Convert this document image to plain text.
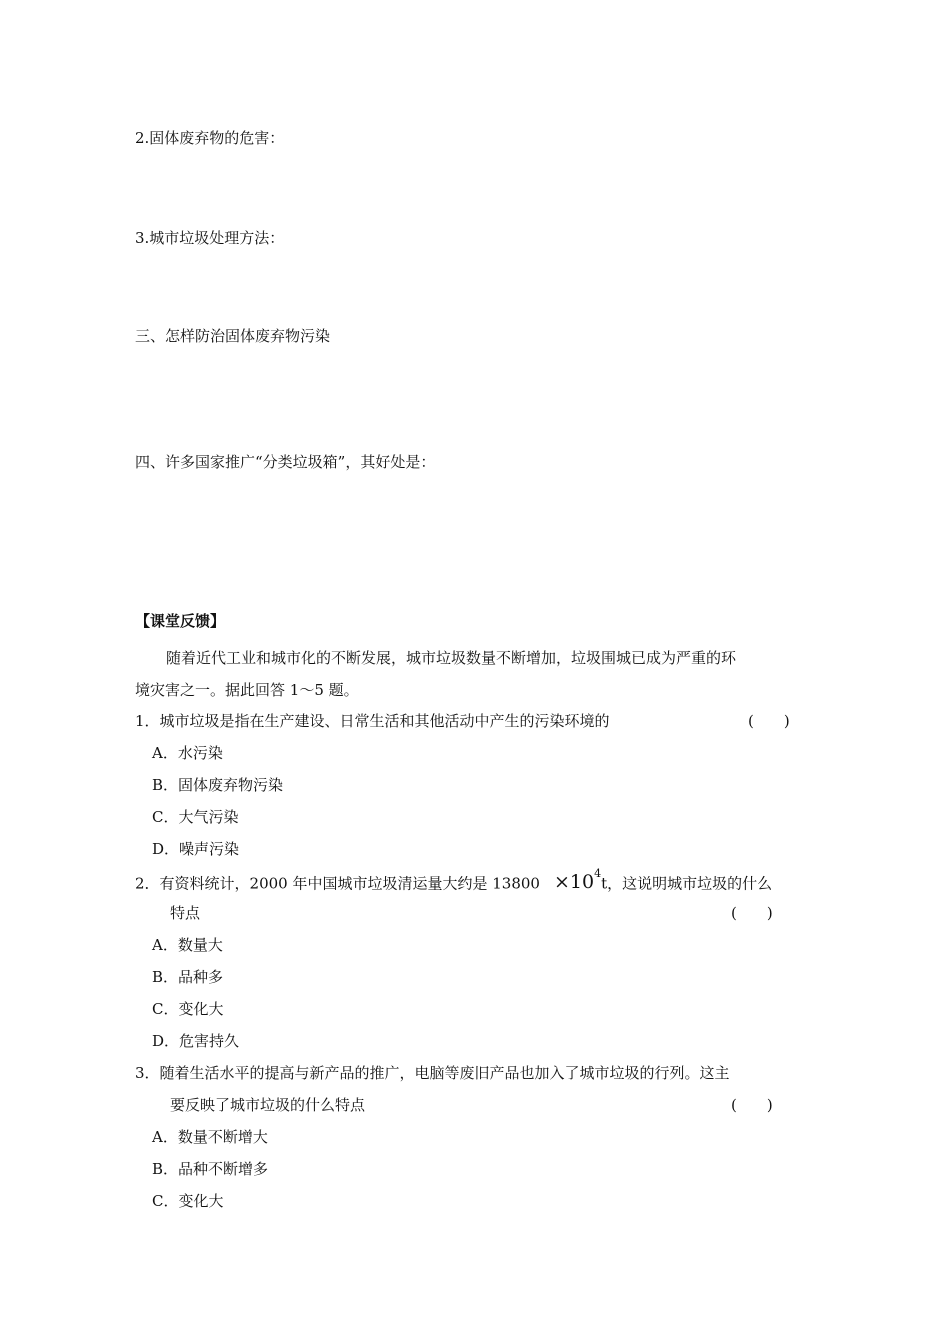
2.固体废弃物的危害：
3.城市垃圾处理方法：
三、怎样防治固体废弃物污染
四、许多国家推广“分类垃圾箱”，其好处是：
【课堂反馈】
随着近代工业和城市化的不断发展，城市垃圾数量不断增加，垃圾围城已成为严重的环
境灾害之一。据此回答 1～5 题。
1．城市垃圾是指在生产建设、日常生活和其他活动中产生的污染环境的	(　　)
A．水污染
B．固体废弃物污染
C．大气污染
D．噪声污染
2．有资料统计，2000 年中国城市垃圾清运量大约是 $13800 \times 10^4t$，这说明城市垃圾的什么
特点	(　　)
A．数量大
B．品种多
C．变化大
D．危害持久
3．随着生活水平的提高与新产品的推广，电脑等废旧产品也加入了城市垃圾的行列。这主
要反映了城市垃圾的什么特点	(　　)
A．数量不断增大
B．品种不断增多
C．变化大
